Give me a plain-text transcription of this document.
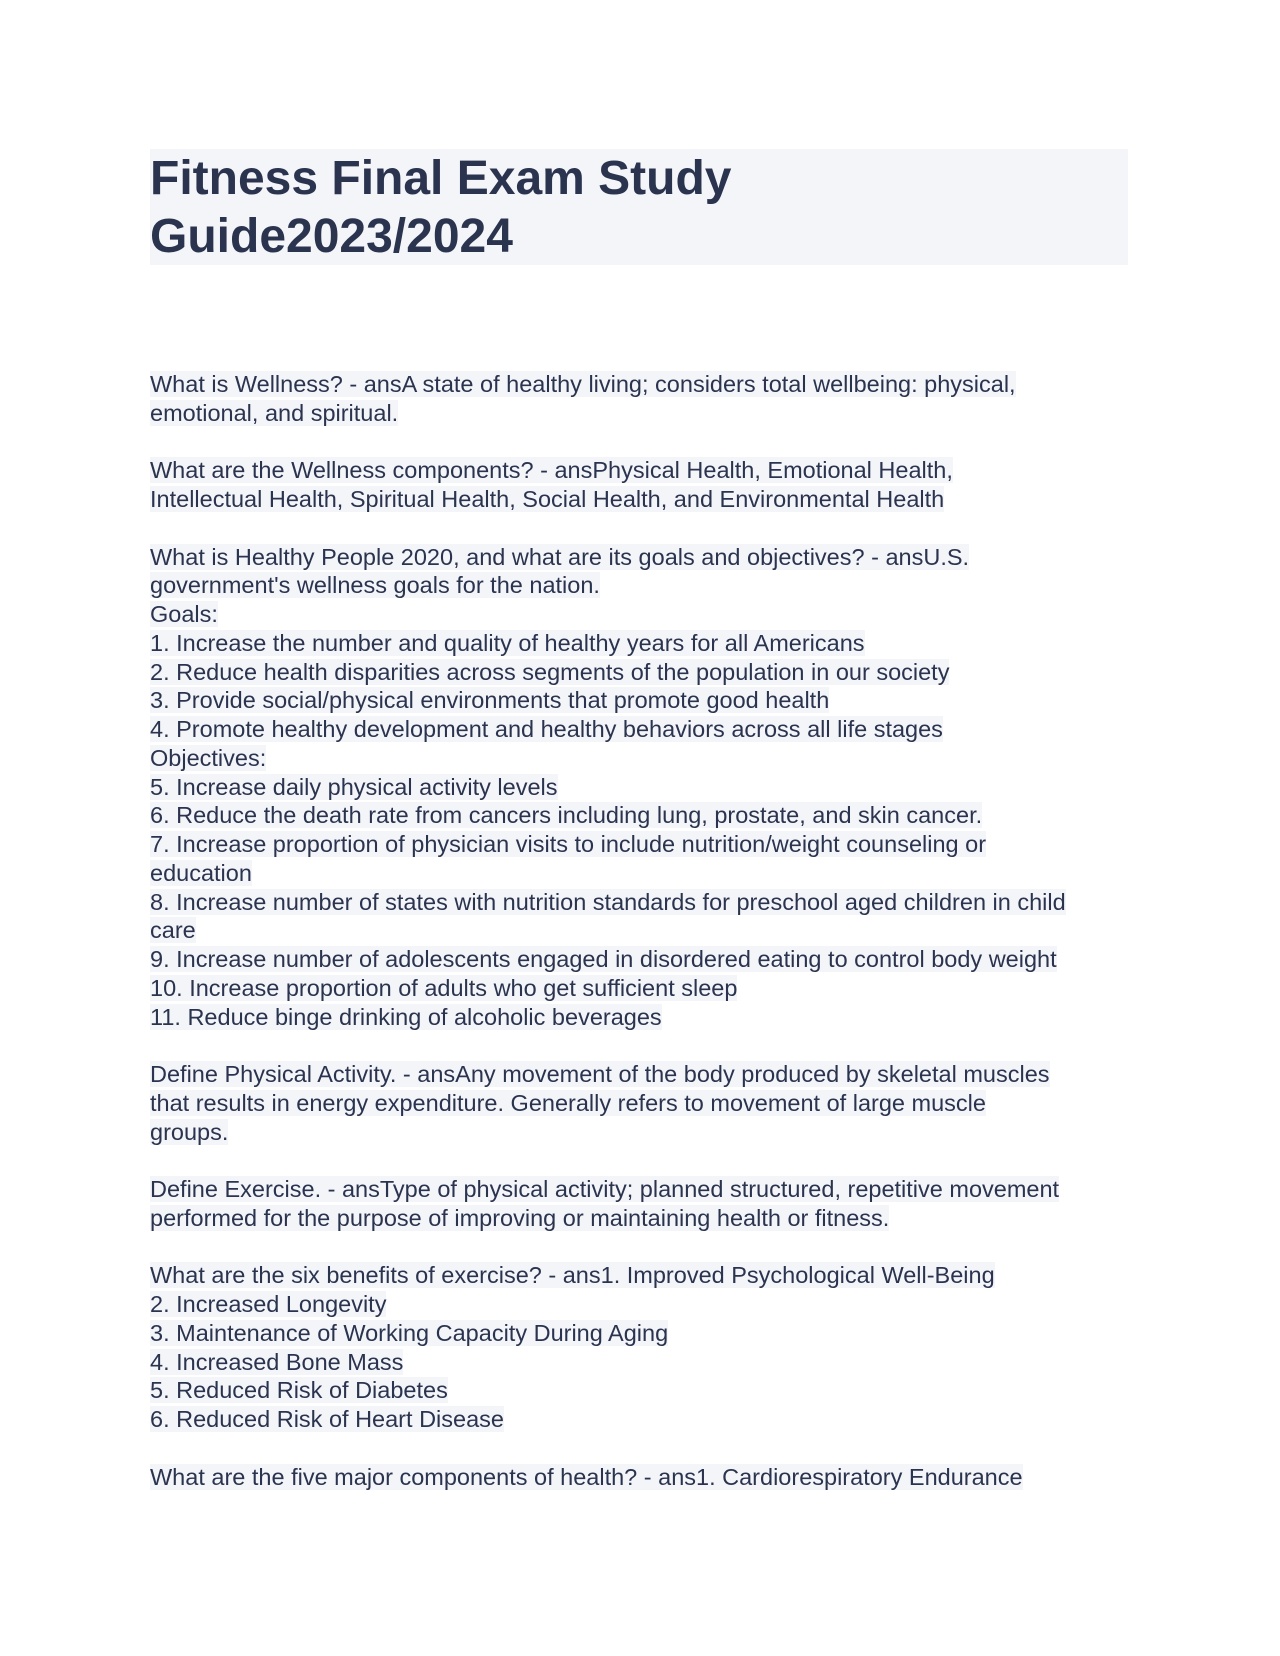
Fitness Final Exam Study
Guide2023/2024
What is Wellness? - ansA state of healthy living; considers total wellbeing: physical,
emotional, and spiritual.
What are the Wellness components? - ansPhysical Health, Emotional Health,
Intellectual Health, Spiritual Health, Social Health, and Environmental Health
What is Healthy People 2020, and what are its goals and objectives? - ansU.S.
government's wellness goals for the nation.
Goals:
1. Increase the number and quality of healthy years for all Americans
2. Reduce health disparities across segments of the population in our society
3. Provide social/physical environments that promote good health
4. Promote healthy development and healthy behaviors across all life stages
Objectives:
5. Increase daily physical activity levels
6. Reduce the death rate from cancers including lung, prostate, and skin cancer.
7. Increase proportion of physician visits to include nutrition/weight counseling or
education
8. Increase number of states with nutrition standards for preschool aged children in child
care
9. Increase number of adolescents engaged in disordered eating to control body weight
10. Increase proportion of adults who get sufficient sleep
11. Reduce binge drinking of alcoholic beverages
Define Physical Activity. - ansAny movement of the body produced by skeletal muscles
that results in energy expenditure. Generally refers to movement of large muscle
groups.
Define Exercise. - ansType of physical activity; planned structured, repetitive movement
performed for the purpose of improving or maintaining health or fitness.
What are the six benefits of exercise? - ans1. Improved Psychological Well-Being
2. Increased Longevity
3. Maintenance of Working Capacity During Aging
4. Increased Bone Mass
5. Reduced Risk of Diabetes
6. Reduced Risk of Heart Disease
What are the five major components of health? - ans1. Cardiorespiratory Endurance
